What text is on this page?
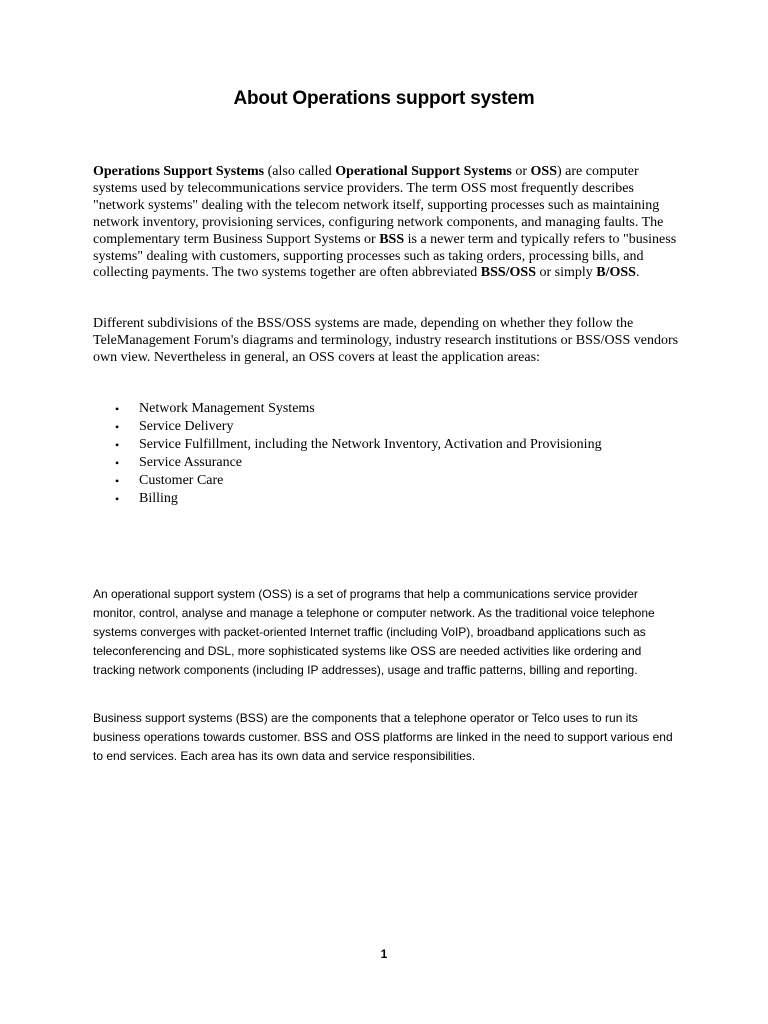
About Operations support system

Operations Support Systems (also called Operational Support Systems or OSS) are computer systems used by telecommunications service providers. The term OSS most frequently describes "network systems" dealing with the telecom network itself, supporting processes such as maintaining network inventory, provisioning services, configuring network components, and managing faults. The complementary term Business Support Systems or BSS is a newer term and typically refers to "business systems" dealing with customers, supporting processes such as taking orders, processing bills, and collecting payments. The two systems together are often abbreviated BSS/OSS or simply B/OSS.

Different subdivisions of the BSS/OSS systems are made, depending on whether they follow the TeleManagement Forum's diagrams and terminology, industry research institutions or BSS/OSS vendors own view. Nevertheless in general, an OSS covers at least the application areas:

• Network Management Systems
• Service Delivery
• Service Fulfillment, including the Network Inventory, Activation and Provisioning
• Service Assurance
• Customer Care
• Billing

An operational support system (OSS) is a set of programs that help a communications service provider monitor, control, analyse and manage a telephone or computer network. As the traditional voice telephone systems converges with packet-oriented Internet traffic (including VoIP), broadband applications such as teleconferencing and DSL, more sophisticated systems like OSS are needed activities like ordering and tracking network components (including IP addresses), usage and traffic patterns, billing and reporting.

Business support systems (BSS) are the components that a telephone operator or Telco uses to run its business operations towards customer. BSS and OSS platforms are linked in the need to support various end to end services. Each area has its own data and service responsibilities.

1
